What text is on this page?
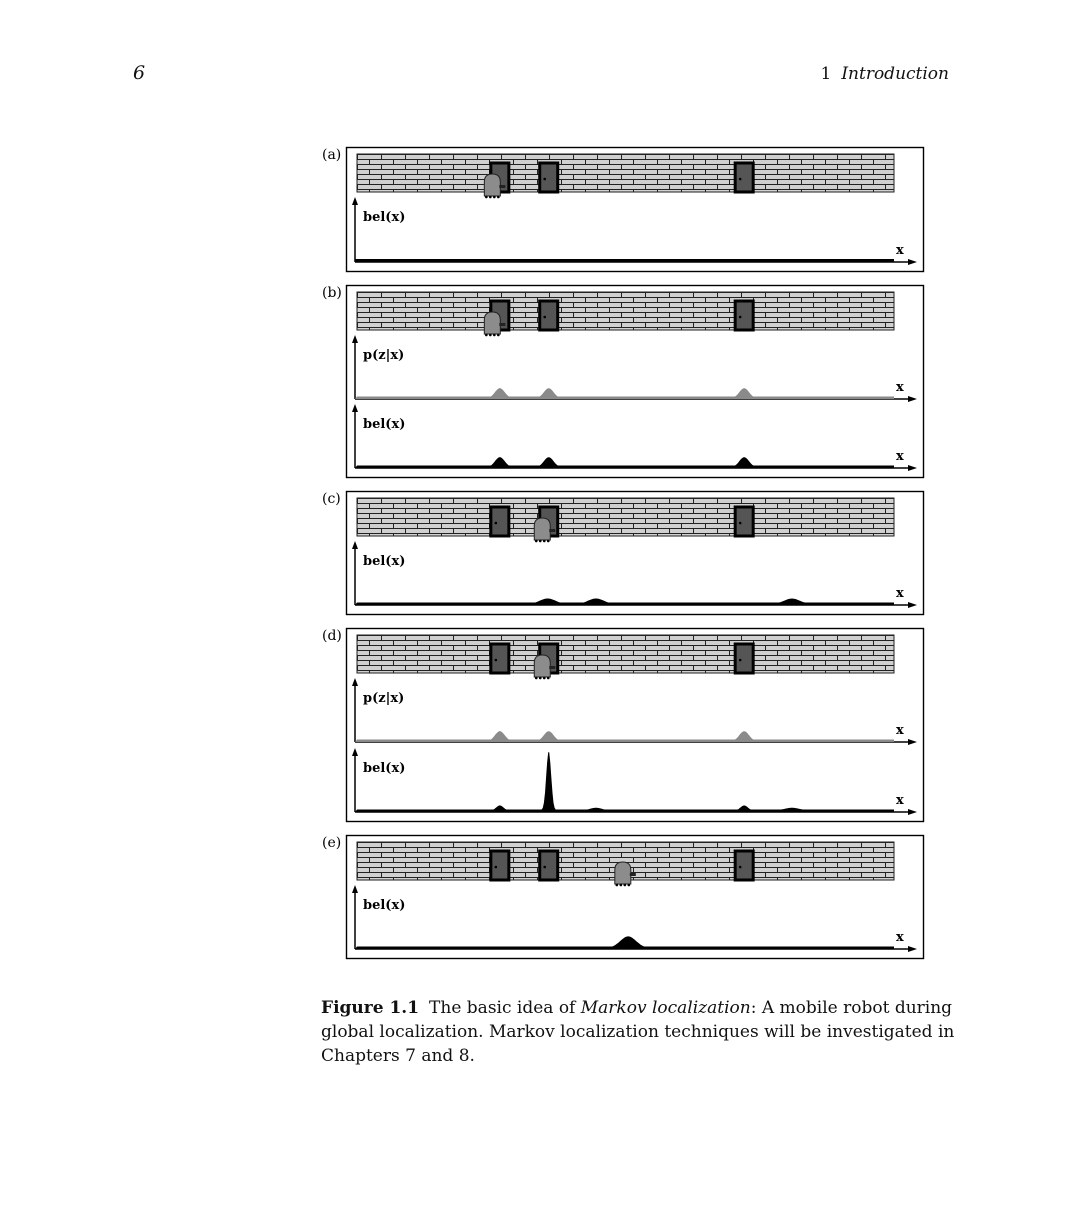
6	1 Introduction
(a)
bel(x)
x
(b)
p(z|x)
x
bel(x)
x
(c)
bel(x)
x
(d)
p(z|x)
x
bel(x)
x
(e)
bel(x)
x
Figure 1.1 The basic idea of Markov localization: A mobile robot during global localization. Markov localization techniques will be investigated in Chapters 7 and 8.
